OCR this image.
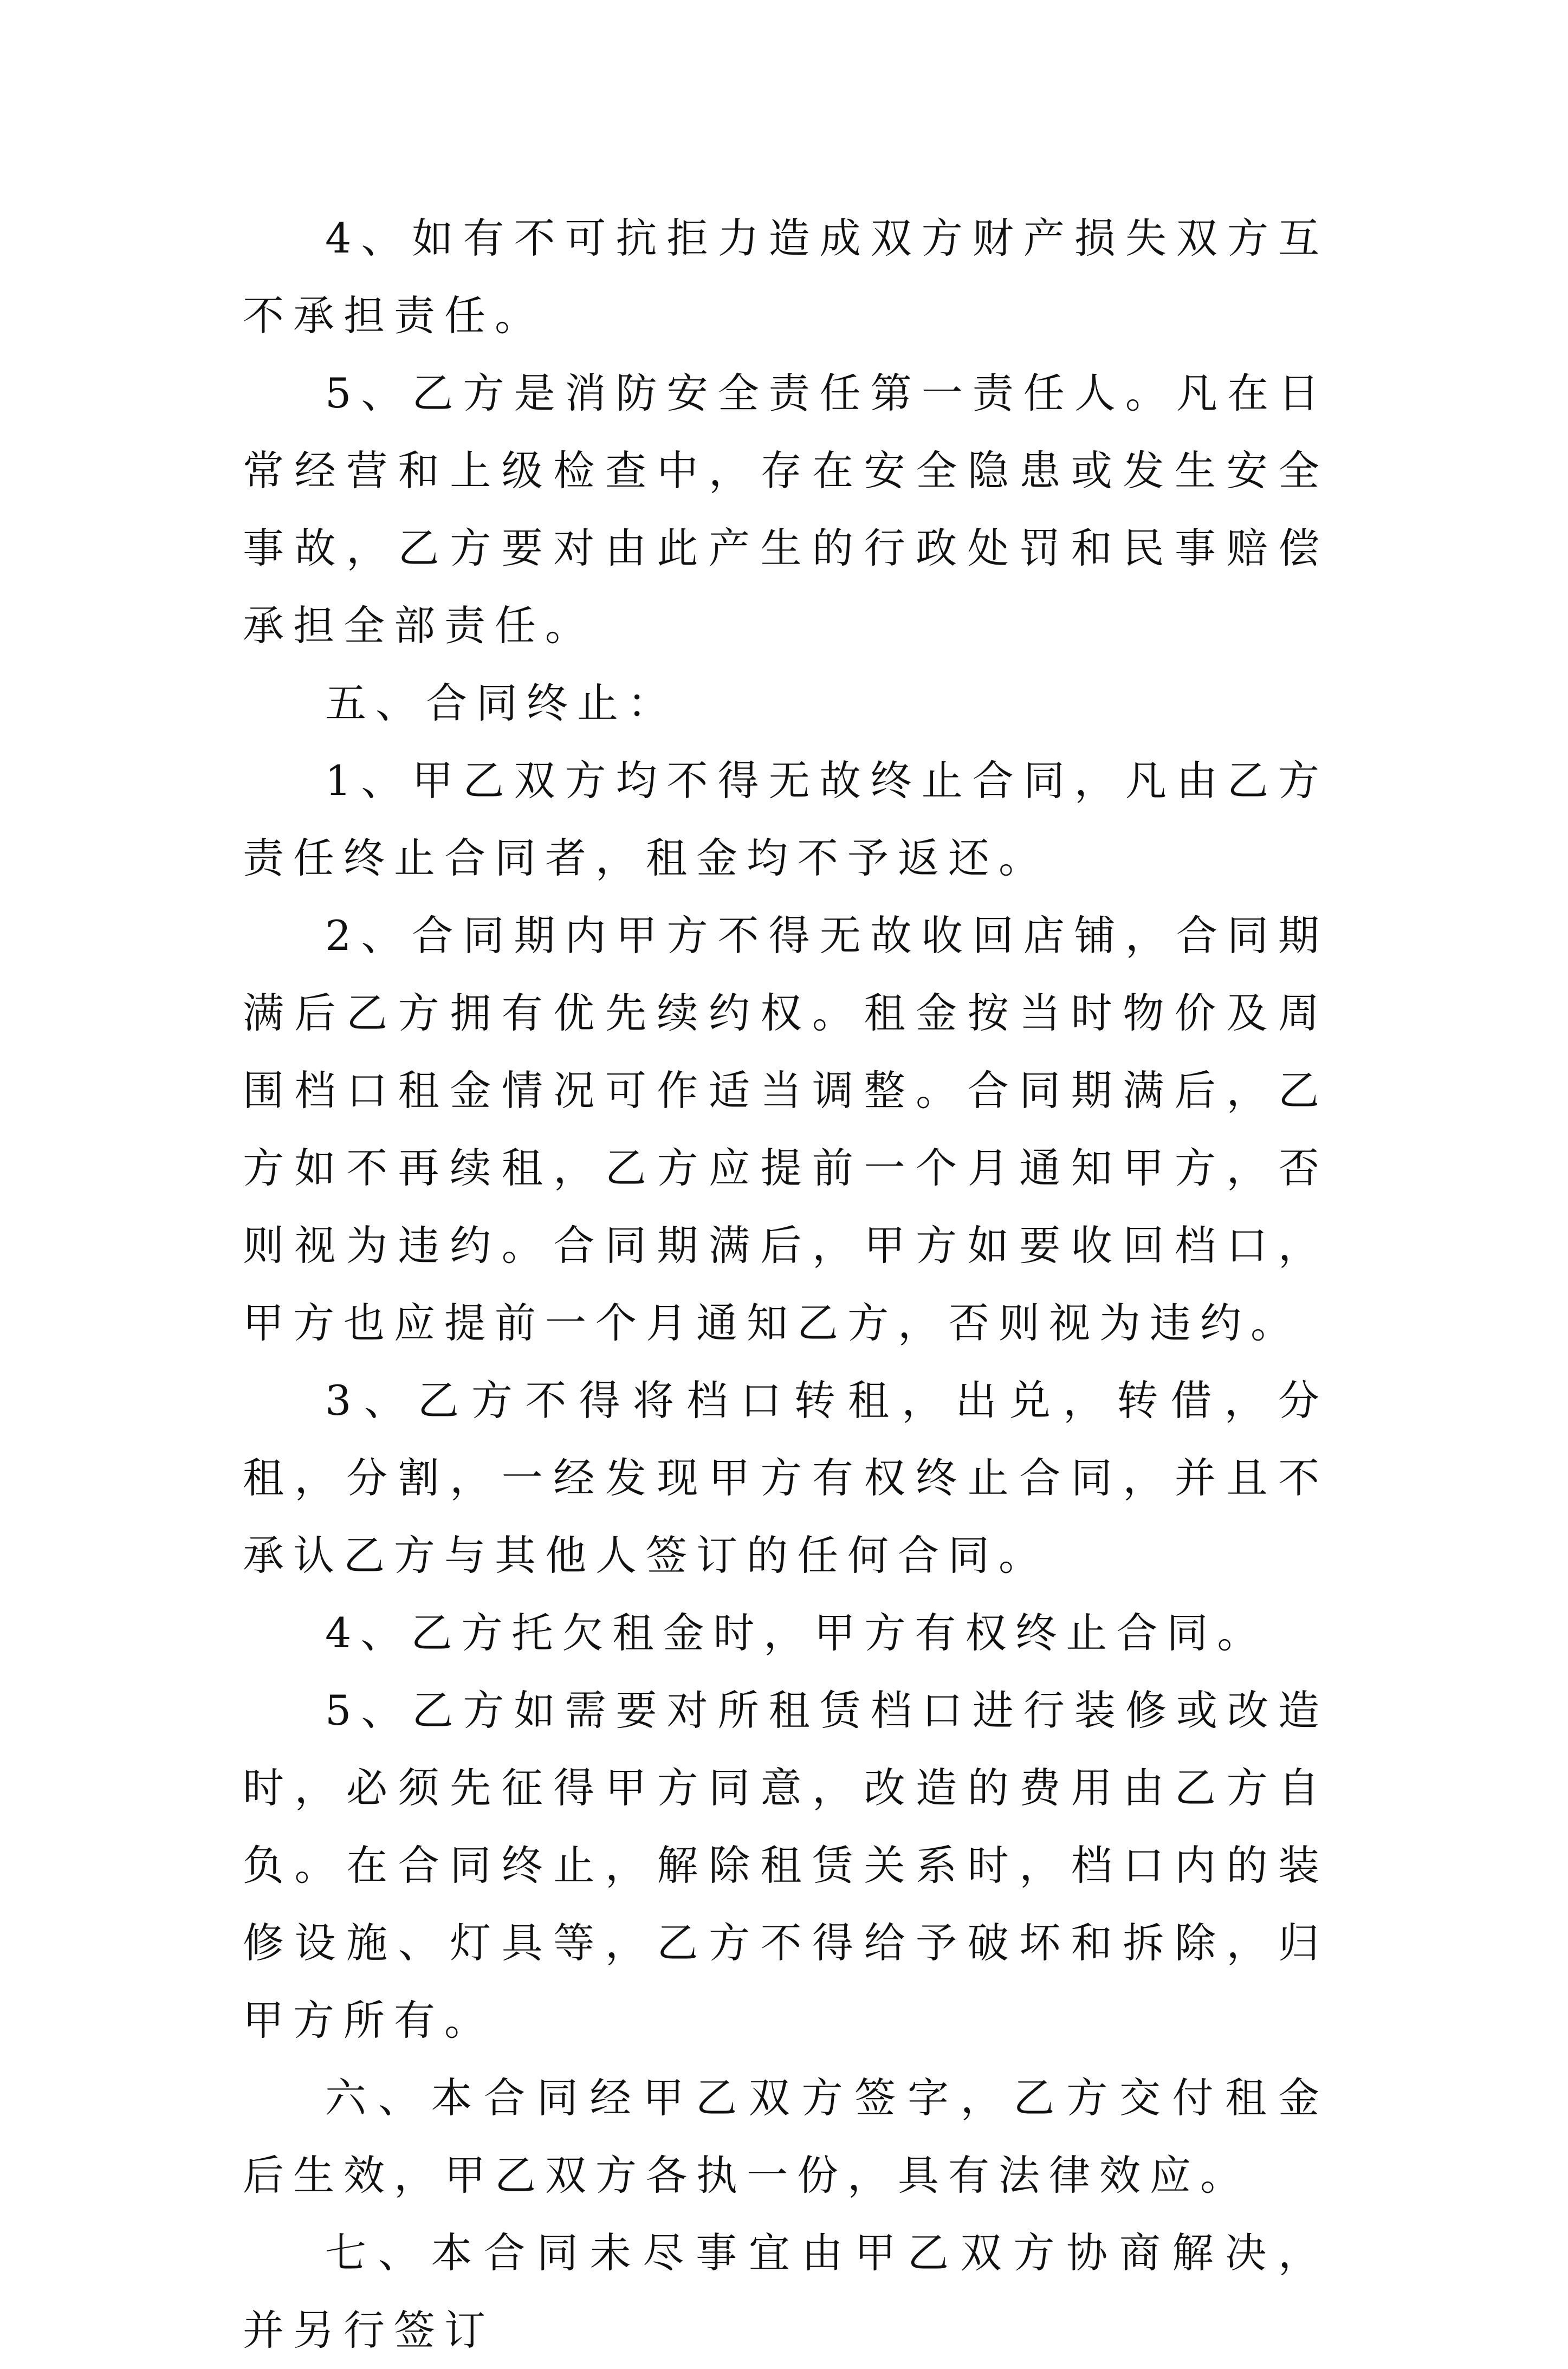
4、如有不可抗拒力造成双方财产损失双方互不承担责任。

5、乙方是消防安全责任第一责任人。凡在日常经营和上级检查中，存在安全隐患或发生安全事故，乙方要对由此产生的行政处罚和民事赔偿承担全部责任。

五、合同终止：

1、甲乙双方均不得无故终止合同，凡由乙方责任终止合同者，租金均不予返还。

2、合同期内甲方不得无故收回店铺，合同期满后乙方拥有优先续约权。租金按当时物价及周围档口租金情况可作适当调整。合同期满后，乙方如不再续租，乙方应提前一个月通知甲方，否则视为违约。合同期满后，甲方如要收回档口，甲方也应提前一个月通知乙方，否则视为违约。

3、乙方不得将档口转租，出兑，转借，分租，分割，一经发现甲方有权终止合同，并且不承认乙方与其他人签订的任何合同。

4、乙方托欠租金时，甲方有权终止合同。

5、乙方如需要对所租赁档口进行装修或改造时，必须先征得甲方同意，改造的费用由乙方自负。在合同终止，解除租赁关系时，档口内的装修设施、灯具等，乙方不得给予破坏和拆除，归甲方所有。

六、本合同经甲乙双方签字，乙方交付租金后生效，甲乙双方各执一份，具有法律效应。

七、本合同未尽事宜由甲乙双方协商解决，并另行签订
